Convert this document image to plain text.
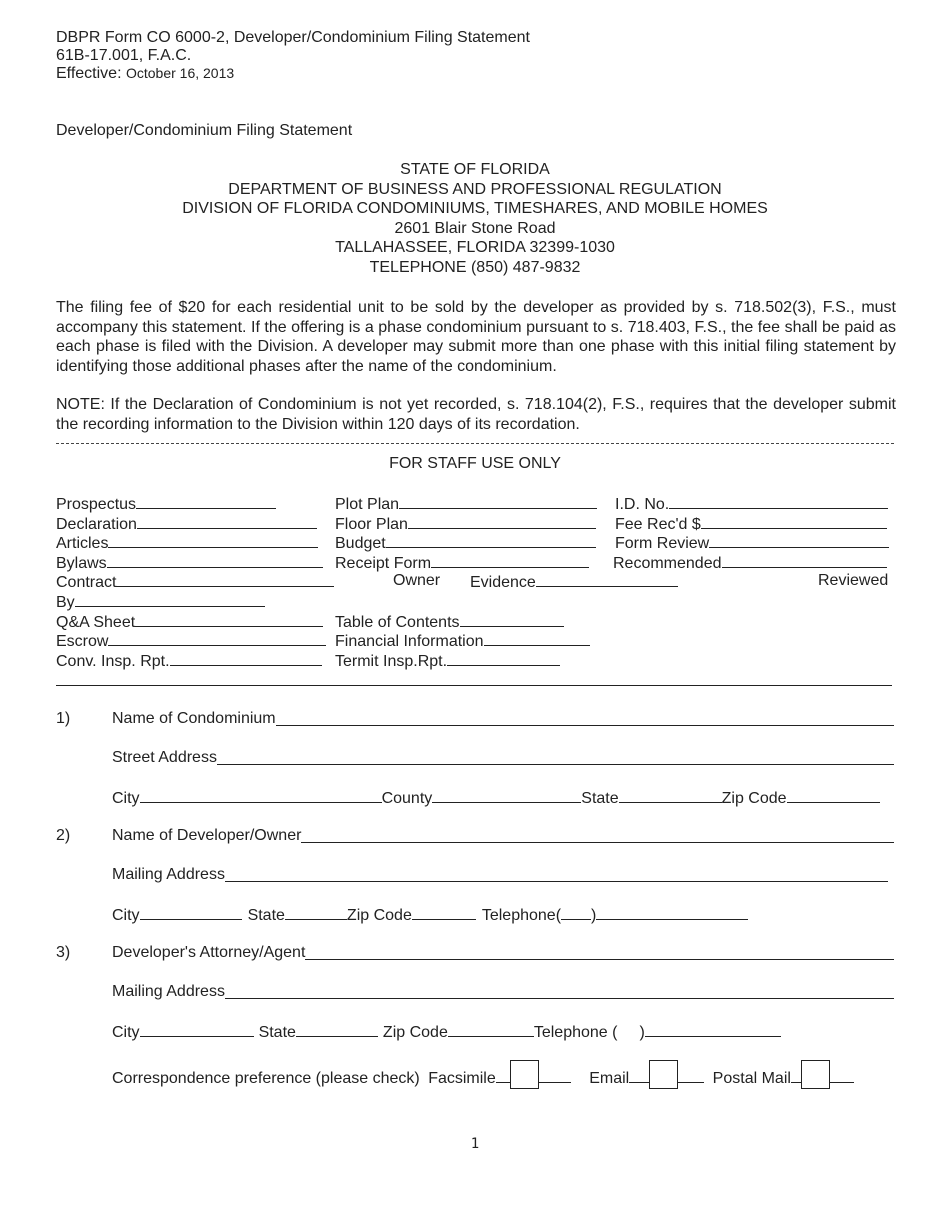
DBPR Form CO 6000-2, Developer/Condominium Filing Statement
61B-17.001, F.A.C.
Effective: October 16, 2013
Developer/Condominium Filing Statement
STATE OF FLORIDA
DEPARTMENT OF BUSINESS AND PROFESSIONAL REGULATION
DIVISION OF FLORIDA CONDOMINIUMS, TIMESHARES, AND MOBILE HOMES
2601 Blair Stone Road
TALLAHASSEE, FLORIDA 32399-1030
TELEPHONE (850) 487-9832
The filing fee of $20 for each residential unit to be sold by the developer as provided by s. 718.502(3), F.S., must accompany this statement. If the offering is a phase condominium pursuant to s. 718.403, F.S., the fee shall be paid as each phase is filed with the Division. A developer may submit more than one phase with this initial filing statement by identifying those additional phases after the name of the condominium.
NOTE: If the Declaration of Condominium is not yet recorded, s. 718.104(2), F.S., requires that the developer submit the recording information to the Division within 120 days of its recordation.
FOR STAFF USE ONLY
Prospectus	Plot Plan	I.D. No.
Declaration	Floor Plan	Fee Rec'd $
Articles	Budget	Form Review
Bylaws	Receipt Form	Recommended
Contract	Owner Evidence	Reviewed
By
Q&A Sheet	Table of Contents
Escrow	Financial Information
Conv. Insp. Rpt.	Termit Insp.Rpt.
1)	Name of Condominium
Street Address
City	County	State	Zip Code
2)	Name of Developer/Owner
Mailing Address
City	State	Zip Code	Telephone( )
3)	Developer's Attorney/Agent
Mailing Address
City	State	Zip Code	Telephone ( )
Correspondence preference (please check) Facsimile	Email	Postal Mail
1
